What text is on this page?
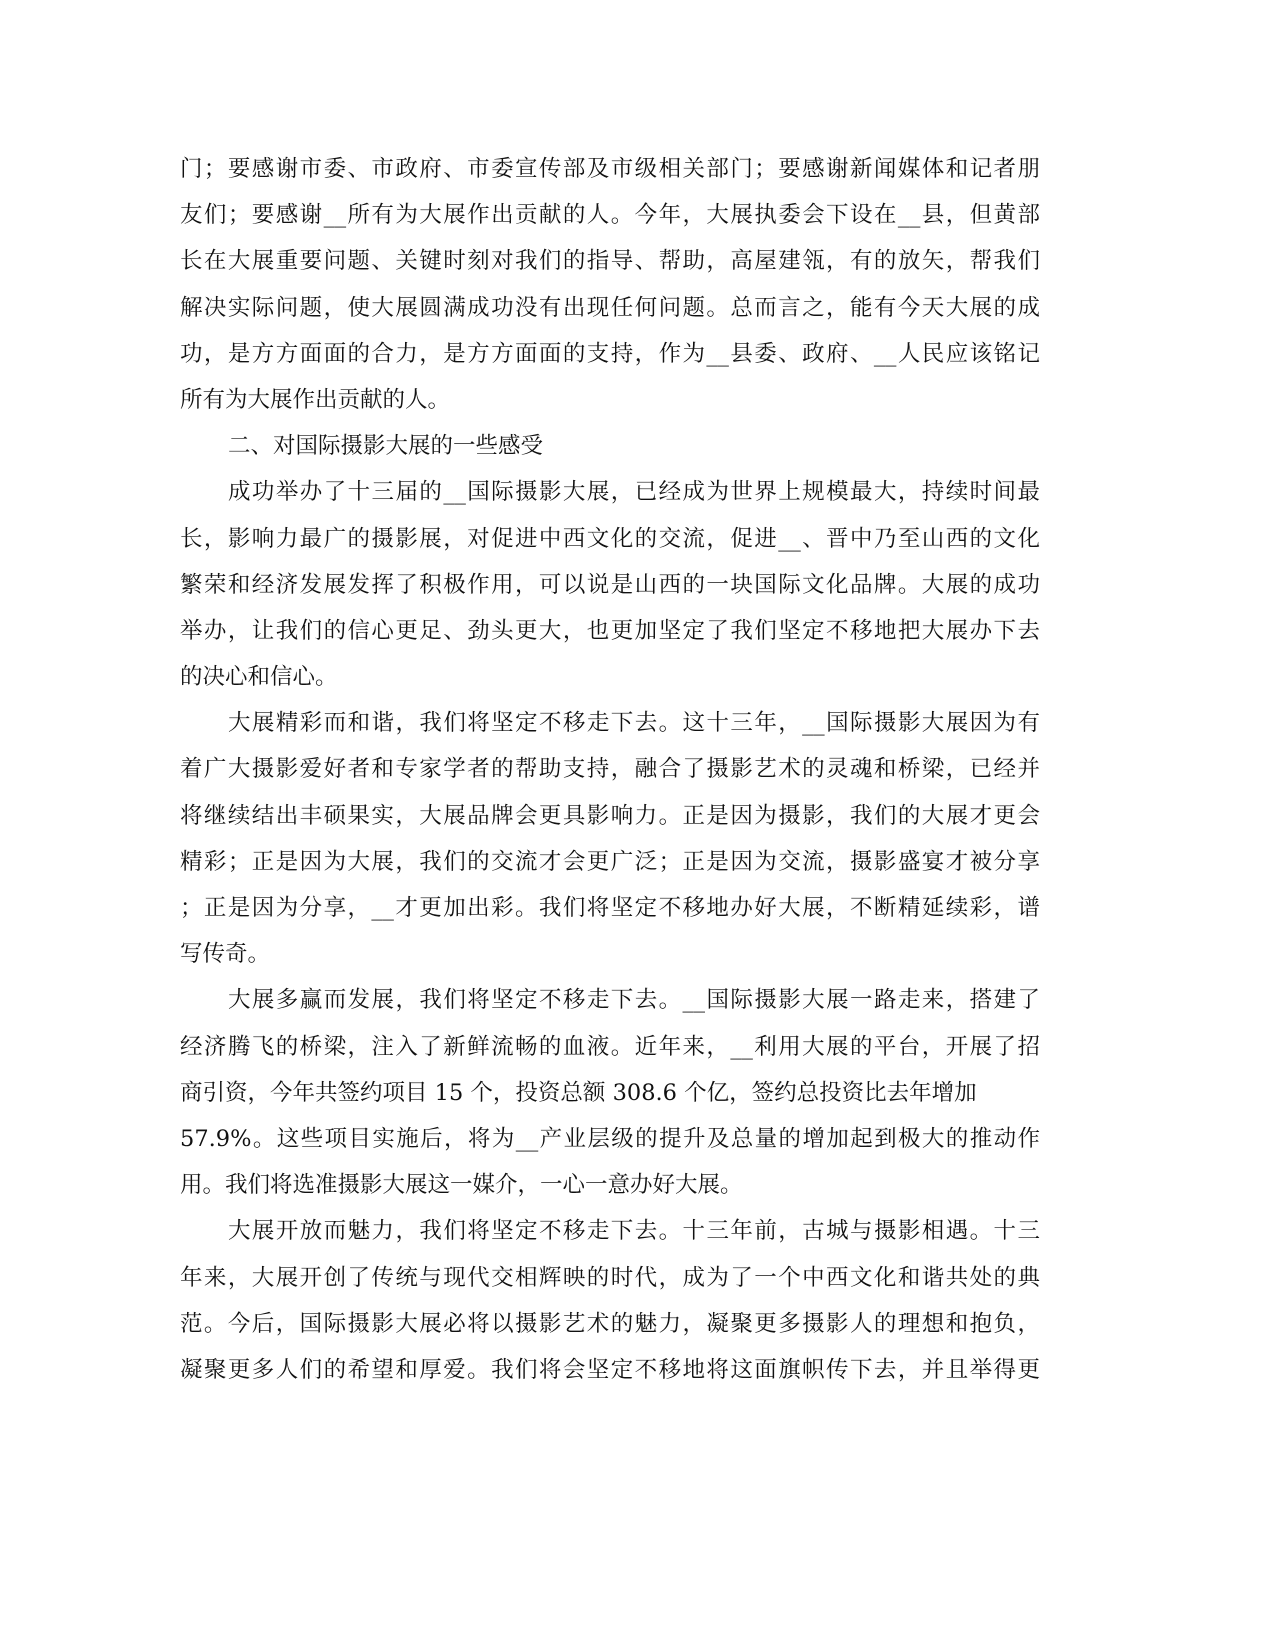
门；要感谢市委、市政府、市委宣传部及市级相关部门；要感谢新闻媒体和记者朋
友们；要感谢__所有为大展作出贡献的人。今年，大展执委会下设在__县，但黄部
长在大展重要问题、关键时刻对我们的指导、帮助，高屋建瓴，有的放矢，帮我们
解决实际问题，使大展圆满成功没有出现任何问题。总而言之，能有今天大展的成
功，是方方面面的合力，是方方面面的支持，作为__县委、政府、__人民应该铭记
所有为大展作出贡献的人。
二、对国际摄影大展的一些感受
成功举办了十三届的__国际摄影大展，已经成为世界上规模最大，持续时间最
长，影响力最广的摄影展，对促进中西文化的交流，促进__、晋中乃至山西的文化
繁荣和经济发展发挥了积极作用，可以说是山西的一块国际文化品牌。大展的成功
举办，让我们的信心更足、劲头更大，也更加坚定了我们坚定不移地把大展办下去
的决心和信心。
大展精彩而和谐，我们将坚定不移走下去。这十三年，__国际摄影大展因为有
着广大摄影爱好者和专家学者的帮助支持，融合了摄影艺术的灵魂和桥梁，已经并
将继续结出丰硕果实，大展品牌会更具影响力。正是因为摄影，我们的大展才更会
精彩；正是因为大展，我们的交流才会更广泛；正是因为交流，摄影盛宴才被分享
；正是因为分享，__才更加出彩。我们将坚定不移地办好大展，不断精延续彩，谱
写传奇。
大展多赢而发展，我们将坚定不移走下去。__国际摄影大展一路走来，搭建了
经济腾飞的桥梁，注入了新鲜流畅的血液。近年来，__利用大展的平台，开展了招
商引资，今年共签约项目 15 个，投资总额 308.6 个亿，签约总投资比去年增加
57.9%。这些项目实施后，将为__产业层级的提升及总量的增加起到极大的推动作
用。我们将选准摄影大展这一媒介，一心一意办好大展。
大展开放而魅力，我们将坚定不移走下去。十三年前，古城与摄影相遇。十三
年来，大展开创了传统与现代交相辉映的时代，成为了一个中西文化和谐共处的典
范。今后，国际摄影大展必将以摄影艺术的魅力，凝聚更多摄影人的理想和抱负，
凝聚更多人们的希望和厚爱。我们将会坚定不移地将这面旗帜传下去，并且举得更
